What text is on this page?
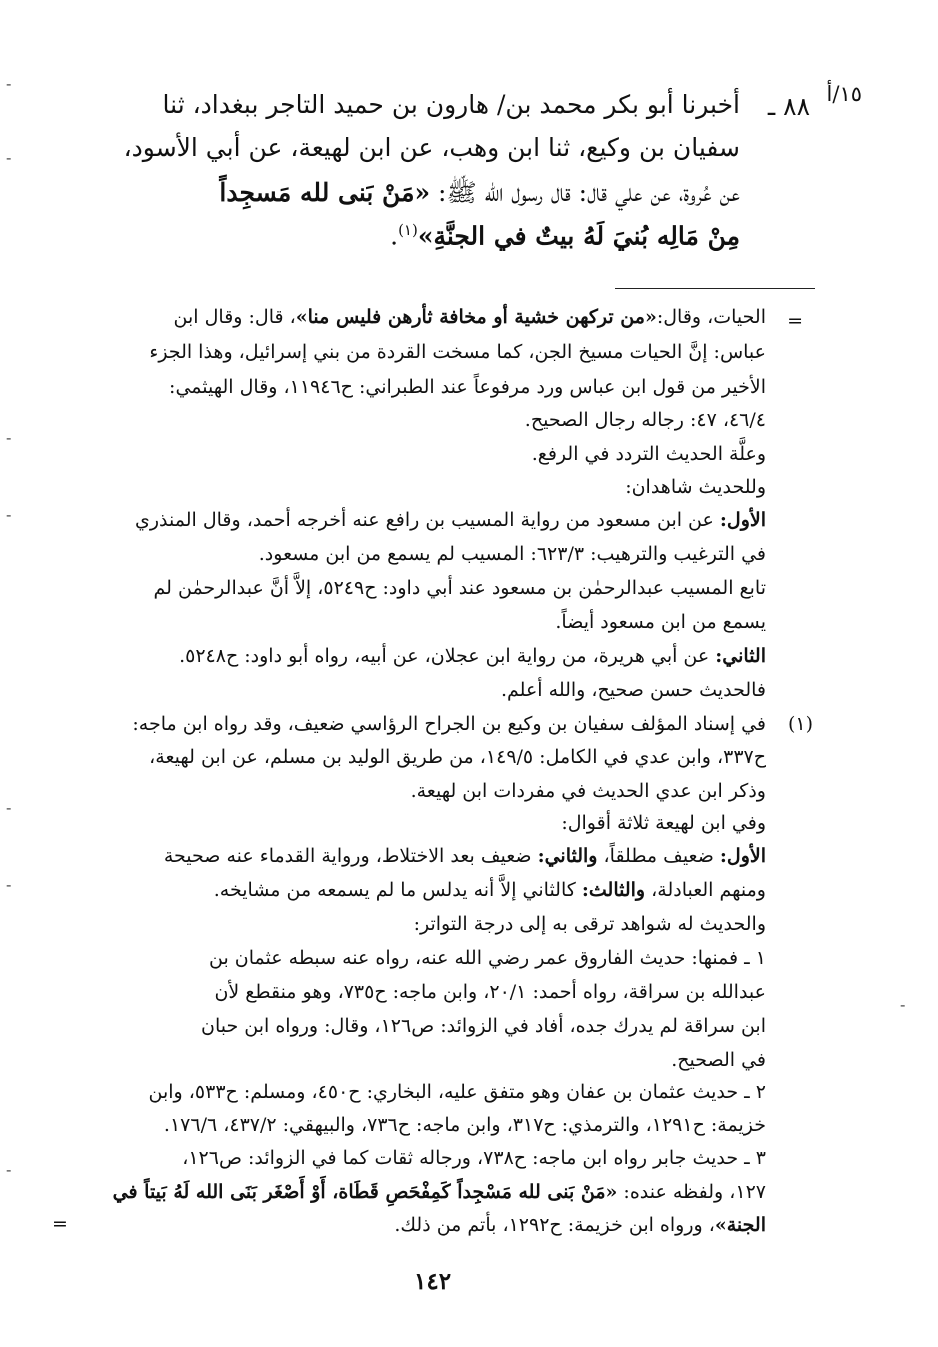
-
-
-
-
-
-
-
-
١٥/أ
٨٨ ـ

أخبرنا أبو بكر محمد بن/ هارون بن حميد التاجر ببغداد، ثنا

سفيان بن وكيع، ثنا ابن وهب، عن ابن لهيعة، عن أبي الأسود،

عن عُروة، عن علي قال: قال رسول الله ﷺ: «مَنْ بَنى لله مَسجِداً

مِنْ مَالِه بُنيَ لَهُ بيتٌ في الجنَّةِ»$^{(١)}$.

=

الحيات، وقال:«من تركهن خشية أو مخافة ثأرهن فليس منا»، قال: وقال ابن

عباس: إنَّ الحيات مسيخ الجن، كما مسخت القردة من بني إسرائيل، وهذا الجزء

الأخير من قول ابن عباس ورد مرفوعاً عند الطبراني: ح١١٩٤٦، وقال الهيثمي:

٤٦/٤، ٤٧: رجاله رجال الصحيح.

وعلَّة الحديث التردد في الرفع.

وللحديث شاهدان:

الأول: عن ابن مسعود من رواية المسيب بن رافع عنه أخرجه أحمد، وقال المنذري

في الترغيب والترهيب: ٦٢٣/٣: المسيب لم يسمع من ابن مسعود.

تابع المسيب عبدالرحمٰن بن مسعود عند أبي داود: ح٥٢٤٩، إلاَّ أنَّ عبدالرحمٰن لم

يسمع من ابن مسعود أيضاً.

الثاني: عن أبي هريرة، من رواية ابن عجلان، عن أبيه، رواه أبو داود: ح٥٢٤٨.

فالحديث حسن صحيح، والله أعلم.

(١)

في إسناد المؤلف سفيان بن وكيع بن الجراح الرؤاسي ضعيف، وقد رواه ابن ماجه:

ح٣٣٧، وابن عدي في الكامل: ١٤٩/٥، من طريق الوليد بن مسلم، عن ابن لهيعة،

وذكر ابن عدي الحديث في مفردات ابن لهيعة.

وفي ابن لهيعة ثلاثة أقوال:

الأول: ضعيف مطلقاً، والثاني: ضعيف بعد الاختلاط، ورواية القدماء عنه صحيحة

ومنهم العبادلة، والثالث: كالثاني إلاَّ أنه يدلس ما لم يسمعه من مشايخه.

والحديث له شواهد ترقى به إلى درجة التواتر:

١ ـ فمنها: حديث الفاروق عمر رضي الله عنه، رواه عنه سبطه عثمان بن

عبدالله بن سراقة، رواه أحمد: ٢٠/١، وابن ماجه: ح٧٣٥، وهو منقطع لأن

ابن سراقة لم يدرك جده، أفاد في الزوائد: ص١٢٦، وقال: ورواه ابن حبان

في الصحيح.

٢ ـ حديث عثمان بن عفان وهو متفق عليه، البخاري: ح٤٥٠، ومسلم: ح٥٣٣، وابن

خزيمة: ح١٢٩١، والترمذي: ح٣١٧، وابن ماجه: ح٧٣٦، والبيهقي: ٤٣٧/٢، ١٧٦/٦.

٣ ـ حديث جابر رواه ابن ماجه: ح٧٣٨، ورجاله ثقات كما في الزوائد: ص١٢٦،

١٢٧، ولفظه عنده: «مَنْ بَنى لله مَسْجِداً كَمِفْحَصِ قَطَاة، أَوْ أَصْغَر بَنَى الله لَهُ بَيتاً في

الجنة»، ورواه ابن خزيمة: ح١٢٩٢، بأتم من ذلك.

=
١٤٢
